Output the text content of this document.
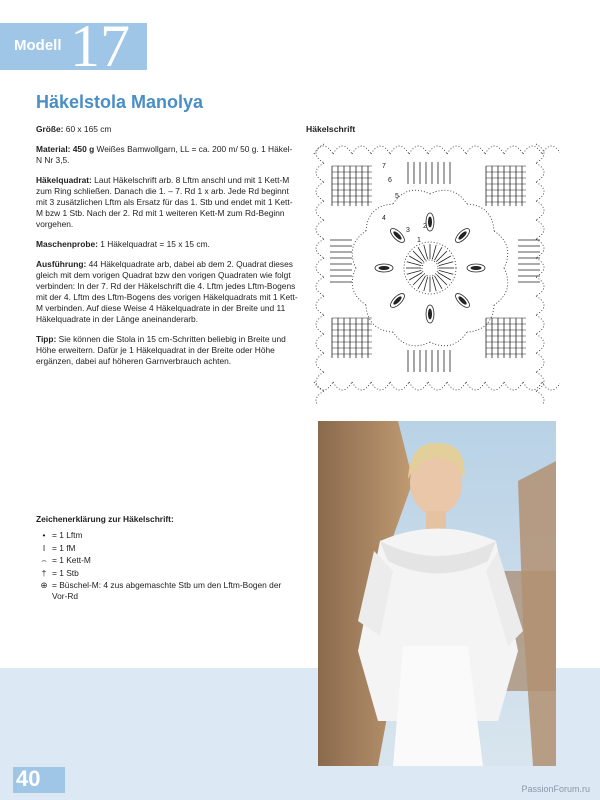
Modell 17
Häkelstola Manolya

Größe: 60 x 165 cm

Material: 450 g Weißes Bamwollgarn, LL = ca. 200 m/ 50 g. 1 Häkel-N Nr 3,5.

Häkelquadrat: Laut Häkelschrift arb. 8 Lftm anschl und mit 1 Kett-M zum Ring schließen. Danach die 1. – 7. Rd 1 x arb. Jede Rd beginnt mit 3 zusätzlichen Lftm als Ersatz für das 1. Stb und endet mit 1 Kett-M bzw 1 Stb. Nach der 2. Rd mit 1 weiteren Kett-M zum Rd-Beginn vorgehen.

Maschenprobe: 1 Häkelquadrat = 15 x 15 cm.

Ausführung: 44 Häkelquadrate arb, dabei ab dem 2. Quadrat dieses gleich mit dem vorigen Quadrat bzw den vorigen Quadraten wie folgt verbinden: In der 7. Rd der Häkelschrift die 4. Lftm jedes Lftm-Bogens mit der 4. Lftm des Lftm-Bogens des vorigen Häkelquadrats mit 1 Kett-M verbinden. Auf diese Weise 4 Häkelquadrate in der Breite und 11 Häkelquadrate in der Länge aneinanderarb.

Tipp: Sie können die Stola in 15 cm-Schritten beliebig in Breite und Höhe erweitern. Dafür je 1 Häkelquadrat in der Breite oder Höhe ergänzen, dabei auf höheren Garnverbrauch achten.

Häkelschrift
1
2
3
4
5
6
7
Zeichenerklärung zur Häkelschrift:
• = 1 Lftm
I = 1 fM
⌢ = 1 Kett-M
† = 1 Stb
⊕ = Büschel-M: 4 zus abgemaschte Stb um den Lftm-Bogen der Vor-Rd
40	PassionForum.ru
